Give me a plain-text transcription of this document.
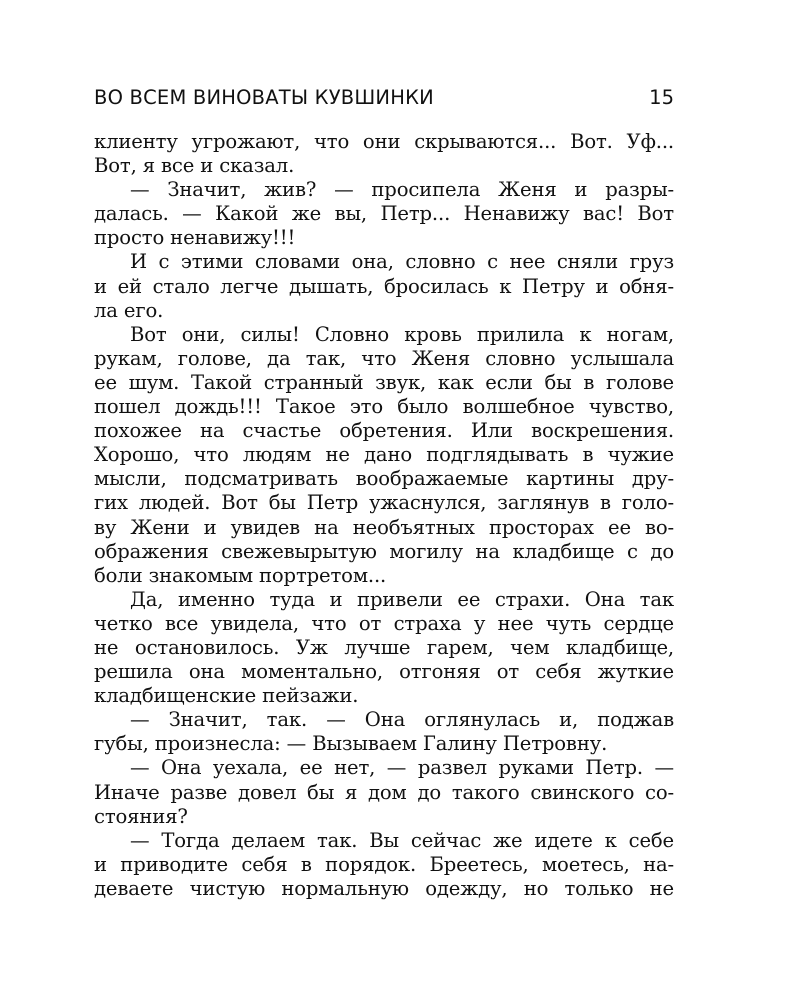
ВО ВСЕМ ВИНОВАТЫ КУВШИНКИ	15
клиенту угрожают, что они скрываются... Вот. Уф...
Вот, я все и сказал.
— Значит, жив? — просипела Женя и разры-
далась. — Какой же вы, Петр... Ненавижу вас! Вот
просто ненавижу!!!
И с этими словами она, словно с нее сняли груз
и ей стало легче дышать, бросилась к Петру и обня-
ла его.
Вот они, силы! Словно кровь прилила к ногам,
рукам, голове, да так, что Женя словно услышала
ее шум. Такой странный звук, как если бы в голове
пошел дождь!!! Такое это было волшебное чувство,
похожее на счастье обретения. Или воскрешения.
Хорошо, что людям не дано подглядывать в чужие
мысли, подсматривать воображаемые картины дру-
гих людей. Вот бы Петр ужаснулся, заглянув в голо-
ву Жени и увидев на необъятных просторах ее во-
ображения свежевырытую могилу на кладбище с до
боли знакомым портретом...
Да, именно туда и привели ее страхи. Она так
четко все увидела, что от страха у нее чуть сердце
не остановилось. Уж лучше гарем, чем кладбище,
решила она моментально, отгоняя от себя жуткие
кладбищенские пейзажи.
— Значит, так. — Она оглянулась и, поджав
губы, произнесла: — Вызываем Галину Петровну.
— Она уехала, ее нет, — развел руками Петр. —
Иначе разве довел бы я дом до такого свинского со-
стояния?
— Тогда делаем так. Вы сейчас же идете к себе
и приводите себя в порядок. Бреетесь, моетесь, на-
деваете чистую нормальную одежду, но только не
